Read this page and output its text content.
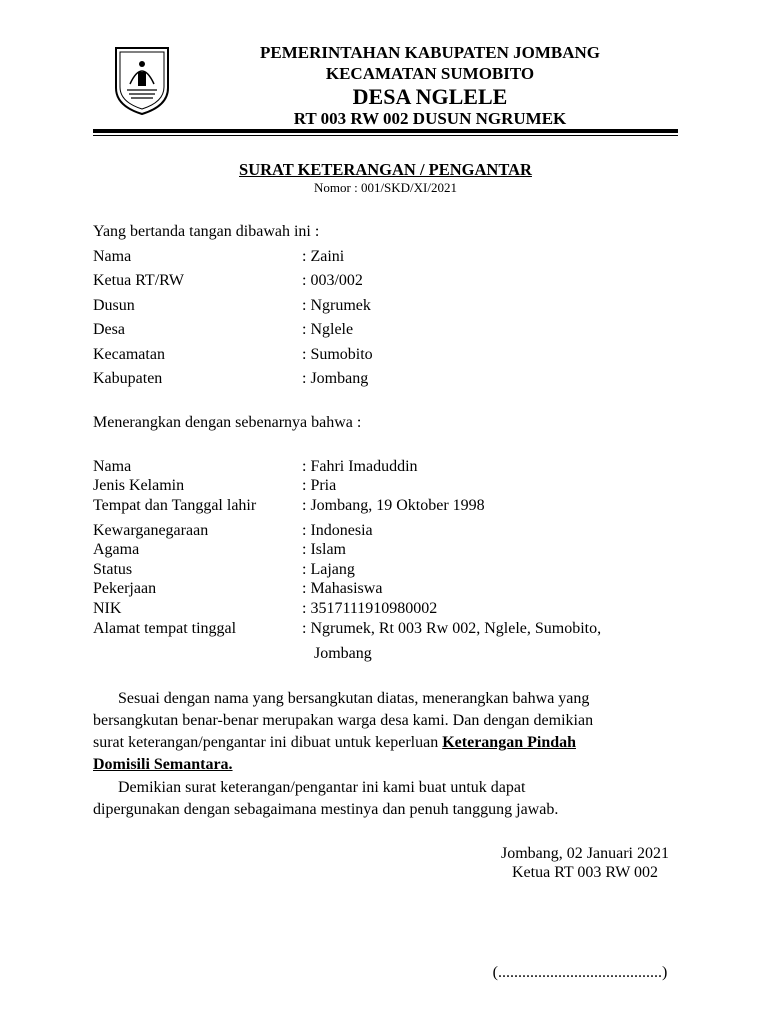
PEMERINTAHAN KABUPATEN JOMBANG
KECAMATAN SUMOBITO
DESA NGLELE
RT 003 RW 002 DUSUN NGRUMEK
SURAT KETERANGAN / PENGANTAR
Nomor : 001/SKD/XI/2021
Yang bertanda tangan dibawah ini :
Nama	: Zaini
Ketua RT/RW	: 003/002
Dusun	: Ngrumek
Desa	: Nglele
Kecamatan	: Sumobito
Kabupaten	: Jombang
Menerangkan dengan sebenarnya bahwa :
Nama	: Fahri Imaduddin
Jenis Kelamin	: Pria
Tempat dan Tanggal lahir	: Jombang, 19 Oktober 1998
Kewarganegaraan	: Indonesia
Agama	: Islam
Status	: Lajang
Pekerjaan	: Mahasiswa
NIK	: 3517111910980002
Alamat tempat tinggal	: Ngrumek, Rt 003 Rw 002, Nglele, Sumobito,
Jombang
Sesuai dengan nama yang bersangkutan diatas, menerangkan bahwa yang
bersangkutan benar-benar merupakan warga desa kami. Dan dengan demikian
surat keterangan/pengantar ini dibuat untuk keperluan Keterangan Pindah
Domisili Semantara.
Demikian surat keterangan/pengantar ini kami buat untuk dapat
dipergunakan dengan sebagaimana mestinya dan penuh tanggung jawab.
Jombang, 02 Januari 2021
Ketua RT 003 RW 002
(.........................................)
